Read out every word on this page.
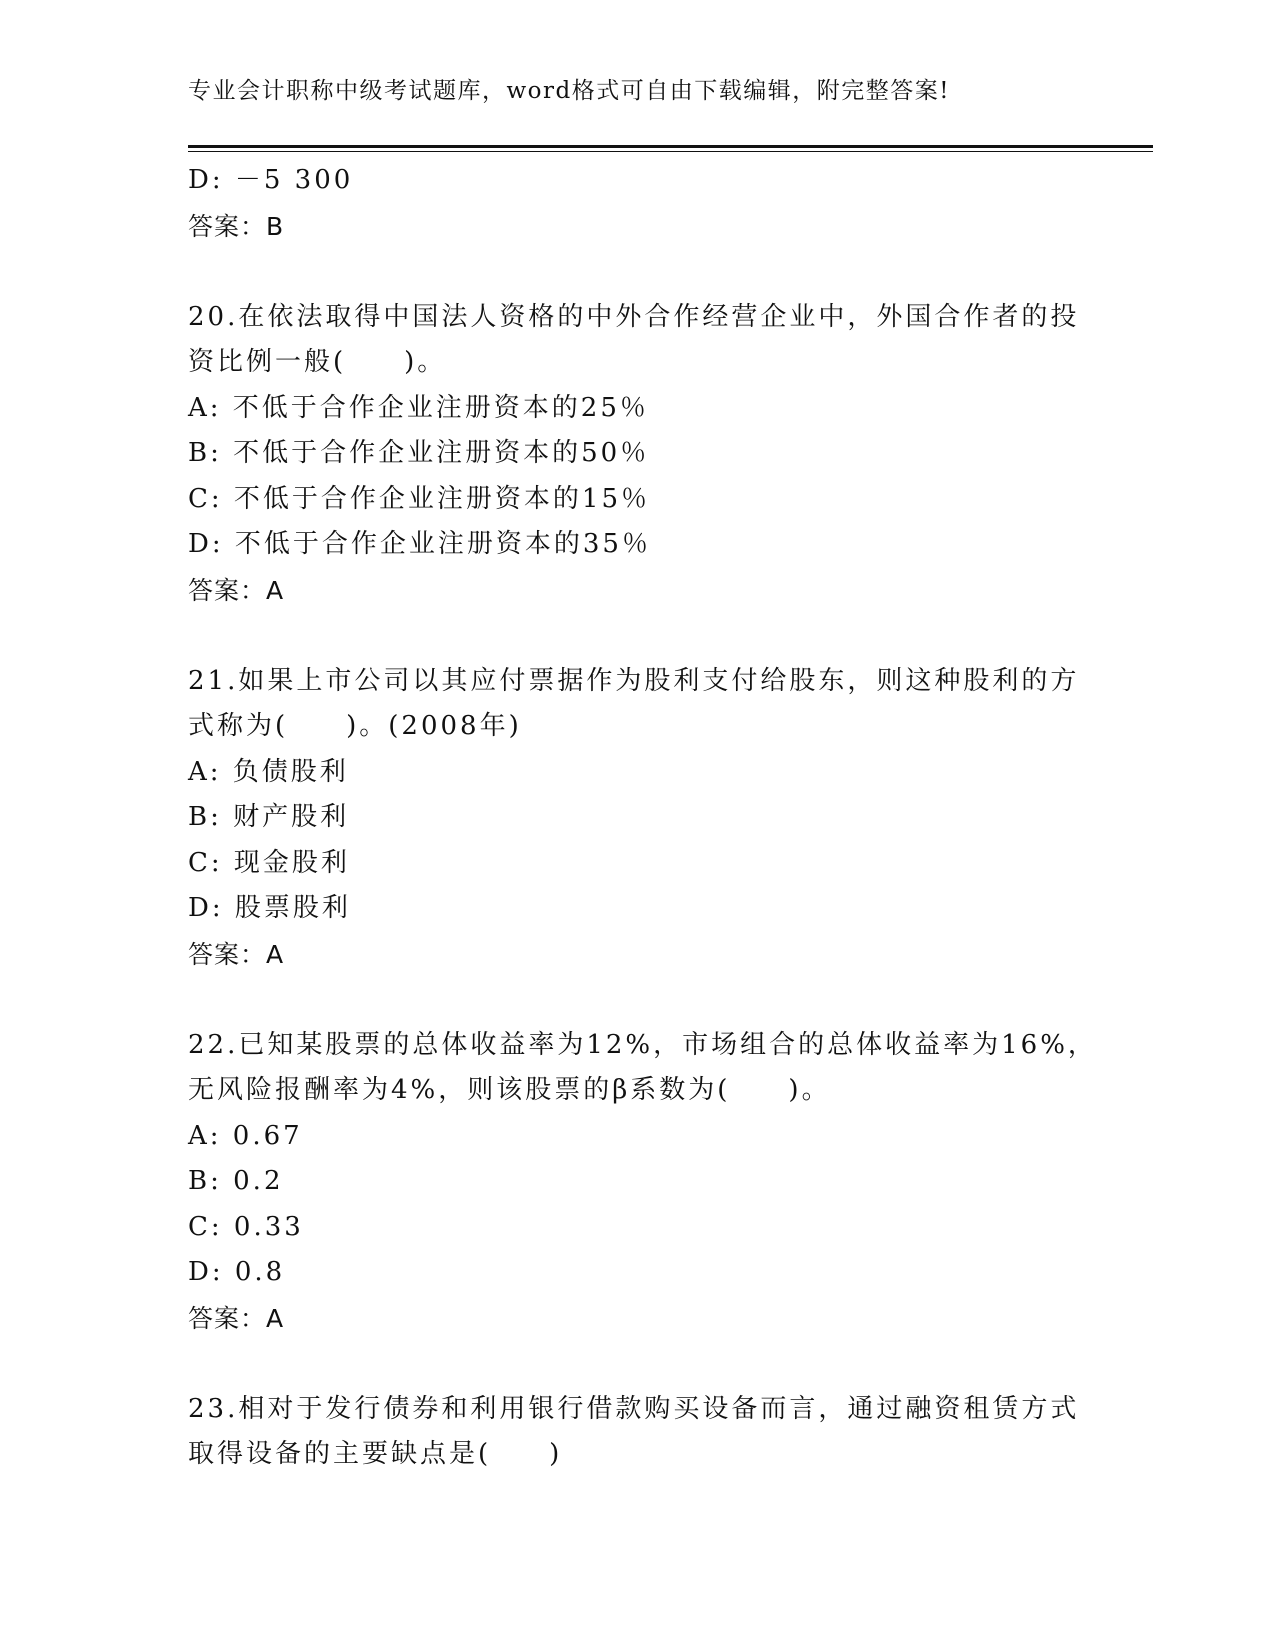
专业会计职称中级考试题库，word格式可自由下载编辑，附完整答案!
D: －5 300
答案：B
20.在依法取得中国法人资格的中外合作经营企业中，外国合作者的投
资比例一般(　　)。
A: 不低于合作企业注册资本的25％
B: 不低于合作企业注册资本的50％
C: 不低于合作企业注册资本的15％
D: 不低于合作企业注册资本的35％
答案：A
21.如果上市公司以其应付票据作为股利支付给股东，则这种股利的方
式称为(　　)。(2008年)
A: 负债股利
B: 财产股利
C: 现金股利
D: 股票股利
答案：A
22.已知某股票的总体收益率为12%，市场组合的总体收益率为16%，
无风险报酬率为4%，则该股票的β系数为(　　)。
A: 0.67
B: 0.2
C: 0.33
D: 0.8
答案：A
23.相对于发行债券和利用银行借款购买设备而言，通过融资租赁方式
取得设备的主要缺点是(　　)
